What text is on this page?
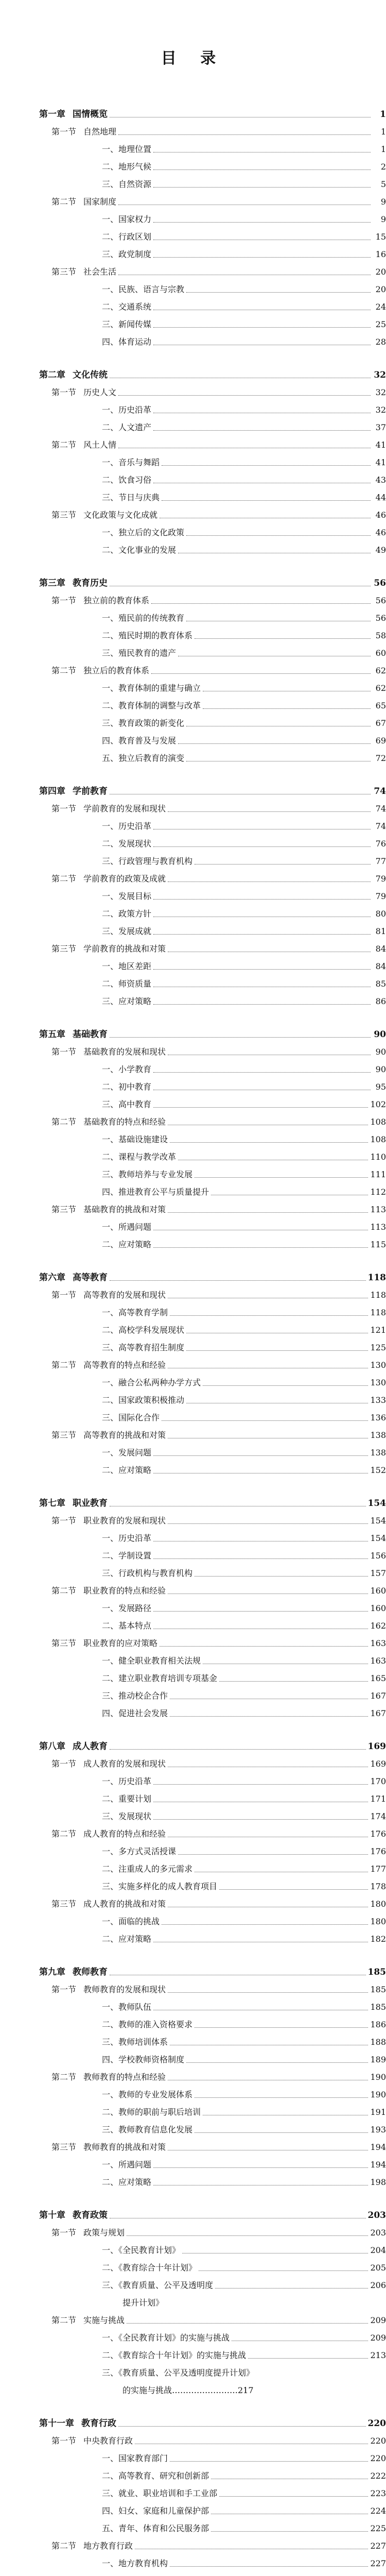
目 录
第一章 国情概览	1
第一节 自然地理	1
一、地理位置	1
二、地形气候	2
三、自然资源	5
第二节 国家制度	9
一、国家权力	9
二、行政区划	15
三、政党制度	16
第三节 社会生活	20
一、民族、语言与宗教	20
二、交通系统	24
三、新闻传媒	25
四、体育运动	28
第二章 文化传统	32
第一节 历史人文	32
一、历史沿革	32
二、人文遗产	37
第二节 风土人情	41
一、音乐与舞蹈	41
二、饮食习俗	43
三、节日与庆典	44
第三节 文化政策与文化成就	46
一、独立后的文化政策	46
二、文化事业的发展	49
第三章 教育历史	56
第一节 独立前的教育体系	56
一、殖民前的传统教育	56
二、殖民时期的教育体系	58
三、殖民教育的遗产	60
第二节 独立后的教育体系	62
一、教育体制的重建与确立	62
二、教育体制的调整与改革	65
三、教育政策的新变化	67
四、教育普及与发展	69
五、独立后教育的演变	72
第四章 学前教育	74
第一节 学前教育的发展和现状	74
一、历史沿革	74
二、发展现状	76
三、行政管理与教育机构	77
第二节 学前教育的政策及成就	79
一、发展目标	79
二、政策方针	80
三、发展成就	81
第三节 学前教育的挑战和对策	84
一、地区差距	84
二、师资质量	85
三、应对策略	86
第五章 基础教育	90
第一节 基础教育的发展和现状	90
一、小学教育	90
二、初中教育	95
三、高中教育	102
第二节 基础教育的特点和经验	108
一、基础设施建设	108
二、课程与教学改革	110
三、教师培养与专业发展	111
四、推进教育公平与质量提升	112
第三节 基础教育的挑战和对策	113
一、所遇问题	113
二、应对策略	115
第六章 高等教育	118
第一节 高等教育的发展和现状	118
一、高等教育学制	118
二、高校学科发展现状	121
三、高等教育招生制度	125
第二节 高等教育的特点和经验	130
一、融合公私两种办学方式	130
二、国家政策积极推动	133
三、国际化合作	136
第三节 高等教育的挑战和对策	138
一、发展问题	138
二、应对策略	152
第七章 职业教育	154
第一节 职业教育的发展和现状	154
一、历史沿革	154
二、学制设置	156
三、行政机构与教育机构	157
第二节 职业教育的特点和经验	160
一、发展路径	160
二、基本特点	162
第三节 职业教育的应对策略	163
一、健全职业教育相关法规	163
二、建立职业教育培训专项基金	165
三、推动校企合作	167
四、促进社会发展	167
第八章 成人教育	169
第一节 成人教育的发展和现状	169
一、历史沿革	170
二、重要计划	171
三、发展现状	174
第二节 成人教育的特点和经验	176
一、多方式灵活授课	176
二、注重成人的多元需求	177
三、实施多样化的成人教育项目	178
第三节 成人教育的挑战和对策	180
一、面临的挑战	180
二、应对策略	182
第九章 教师教育	185
第一节 教师教育的发展和现状	185
一、教师队伍	185
二、教师的准入资格要求	186
三、教师培训体系	188
四、学校教师资格制度	189
第二节 教师教育的特点和经验	190
一、教师的专业发展体系	190
二、教师的职前与职后培训	191
三、教师教育信息化发展	193
第三节 教师教育的挑战和对策	194
一、所遇问题	194
二、应对策略	198
第十章 教育政策	203
第一节 政策与规划	203
一、《全民教育计划》	204
二、《教育综合十年计划》	205
三、《教育质量、公平及透明度	206
提升计划》
第二节 实施与挑战	209
一、《全民教育计划》的实施与挑战	209
二、《教育综合十年计划》的实施与挑战	213
三、《教育质量、公平及透明度提升计划》
的实施与挑战……………………217
第十一章 教育行政	220
第一节 中央教育行政	220
一、国家教育部门	220
二、高等教育、研究和创新部	222
三、就业、职业培训和手工业部	223
四、妇女、家庭和儿童保护部	224
五、青年、体育和公民服务部	225
第二节 地方教育行政	227
一、地方教育机构	227
